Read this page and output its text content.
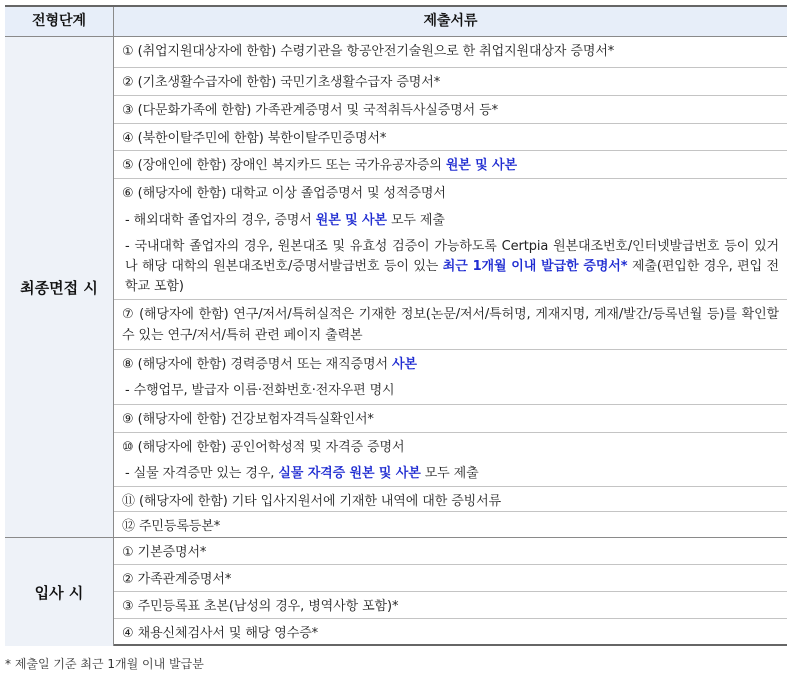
전형단계	제출서류
최종면접 시
입사 시
① (취업지원대상자에 한함) 수령기관을 항공안전기술원으로 한 취업지원대상자 증명서*
② (기초생활수급자에 한함) 국민기초생활수급자 증명서*
③ (다문화가족에 한함) 가족관계증명서 및 국적취득사실증명서 등*
④ (북한이탈주민에 한함) 북한이탈주민증명서*
⑤ (장애인에 한함) 장애인 복지카드 또는 국가유공자증의 원본 및 사본
⑥ (해당자에 한함) 대학교 이상 졸업증명서 및 성적증명서
- 해외대학 졸업자의 경우, 증명서 원본 및 사본 모두 제출
- 국내대학 졸업자의 경우, 원본대조 및 유효성 검증이 가능하도록 Certpia 원본대조번호/인터넷발급번호 등이 있거나 해당 대학의 원본대조번호/증명서발급번호 등이 있는 최근 1개월 이내 발급한 증명서* 제출(편입한 경우, 편입 전 학교 포함)
⑦ (해당자에 한함) 연구/저서/특허실적은 기재한 정보(논문/저서/특허명, 게재지명, 게재/발간/등록년월 등)를 확인할 수 있는 연구/저서/특허 관련 페이지 출력본
⑧ (해당자에 한함) 경력증명서 또는 재직증명서 사본
- 수행업무, 발급자 이름·전화번호·전자우편 명시
⑨ (해당자에 한함) 건강보험자격득실확인서*
⑩ (해당자에 한함) 공인어학성적 및 자격증 증명서
- 실물 자격증만 있는 경우, 실물 자격증 원본 및 사본 모두 제출
⑪ (해당자에 한함) 기타 입사지원서에 기재한 내역에 대한 증빙서류
⑫ 주민등록등본*
① 기본증명서*
② 가족관계증명서*
③ 주민등록표 초본(남성의 경우, 병역사항 포함)*
④ 채용신체검사서 및 해당 영수증*
* 제출일 기준 최근 1개월 이내 발급분
